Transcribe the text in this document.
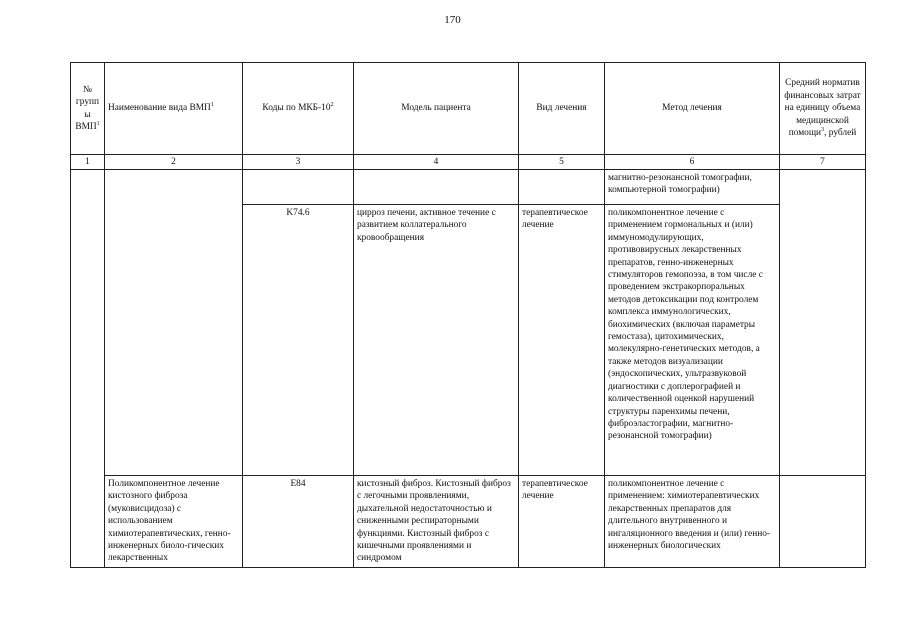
170
№ групп ы ВМП$^1$	Наименование вида ВМП$^1$	Коды по МКБ-$10^2$	Модель пациента	Вид лечения	Метод лечения	Средний норматив финансовых затрат на единицу объема медицинской помощи$^3$, рублей
1	2	3	4	5	6	7
					магнитно-резонансной томографии, компьютерной томографии)	
		K74.6	цирроз печени, активное течение с развитием коллатерального кровообращения	терапевтическое лечение	поликомпонентное лечение с применением гормональных и (или) иммуномодулирующих, противовирусных лекарственных препаратов, генно-инженерных стимуляторов гемопоэза, в том числе с проведением экстракорпоральных методов детоксикации под контролем комплекса иммунологических, биохимических (включая параметры гемостаза), цитохимических, молекулярно-генетических методов, а также методов визуализации (эндоскопических, ультразвуковой диагностики с доплерографией и количественной оценкой нарушений структуры паренхимы печени, фиброэластографии, магнитно-резонансной томографии)	
	Поликомпонентное лечение кистозного фиброза (муковисцидоза) с использованием химиотерапевтических, генно-инженерных биоло-гических лекарственных	E84	кистозный фиброз. Кистозный фиброз с легочными проявлениями, дыхательной недостаточностью и сниженными респираторными функциями. Кистозный фиброз с кишечными проявлениями и синдромом	терапевтическое лечение	поликомпонентное лечение с применением: химиотерапевтических лекарственных препаратов для длительного внутривенного и ингаляционного введения и (или) генно-инженерных биологических	
